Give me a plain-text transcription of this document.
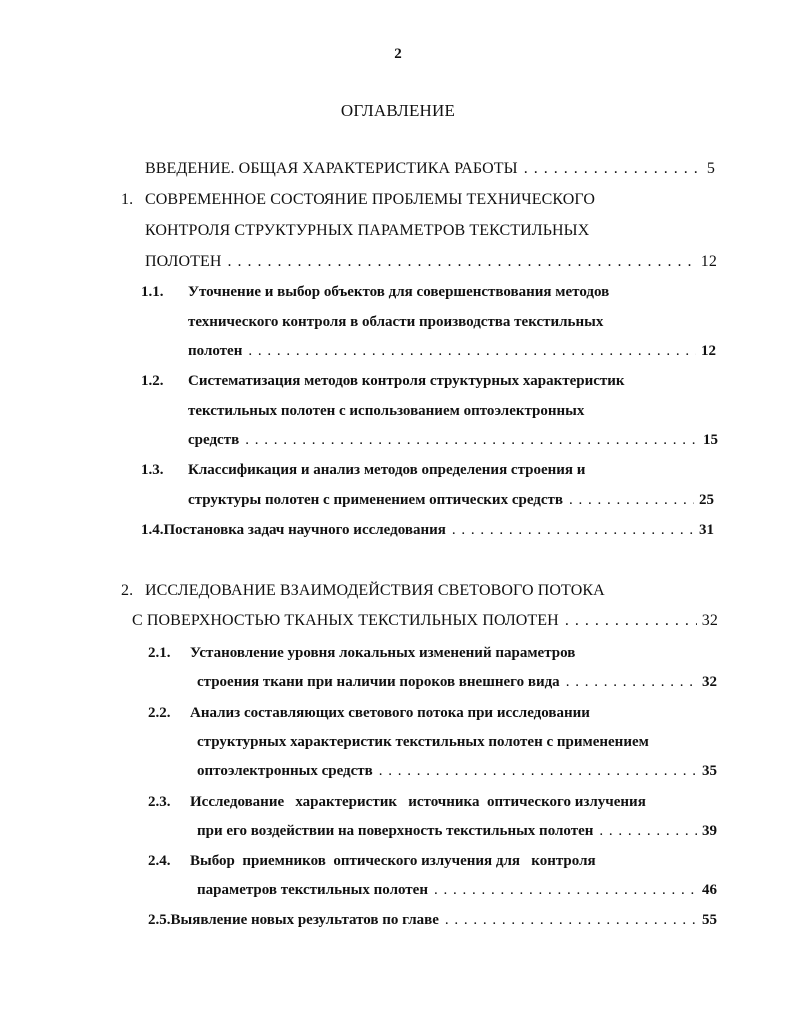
2
ОГЛАВЛЕНИЕ
ВВЕДЕНИЕ. ОБЩАЯ ХАРАКТЕРИСТИКА РАБОТЫ . . .	5
1. СОВРЕМЕННОЕ СОСТОЯНИЕ ПРОБЛЕМЫ ТЕХНИЧЕСКОГО
КОНТРОЛЯ СТРУКТУРНЫХ ПАРАМЕТРОВ ТЕКСТИЛЬНЫХ
ПОЛОТЕН . . .	12
1.1.	Уточнение и выбор объектов для совершенствования методов
технического контроля в области производства текстильных
полотен . . .	12
1.2.	Систематизация методов контроля структурных характеристик
текстильных полотен с использованием оптоэлектронных
средств . . .	15
1.3.	Классификация и анализ методов определения строения и
структуры полотен с применением оптических средств . . .	25
1.4. Постановка задач научного исследования . . .	31
2. ИССЛЕДОВАНИЕ ВЗАИМОДЕЙСТВИЯ СВЕТОВОГО ПОТОКА
С ПОВЕРХНОСТЬЮ ТКАНЫХ ТЕКСТИЛЬНЫХ ПОЛОТЕН . . .	32
2.1.	Установление уровня локальных изменений параметров
строения ткани при наличии пороков внешнего вида . . .	32
2.2.	Анализ составляющих светового потока при исследовании
структурных характеристик текстильных полотен с применением
оптоэлектронных средств . . .	35
2.3.	Исследование   характеристик   источника  оптического излучения
при его воздействии на поверхность текстильных полотен . . .	39
2.4.	Выбор  приемников  оптического излучения для   контроля
параметров текстильных полотен . . .	46
2.5. Выявление новых результатов по главе . . .	55
